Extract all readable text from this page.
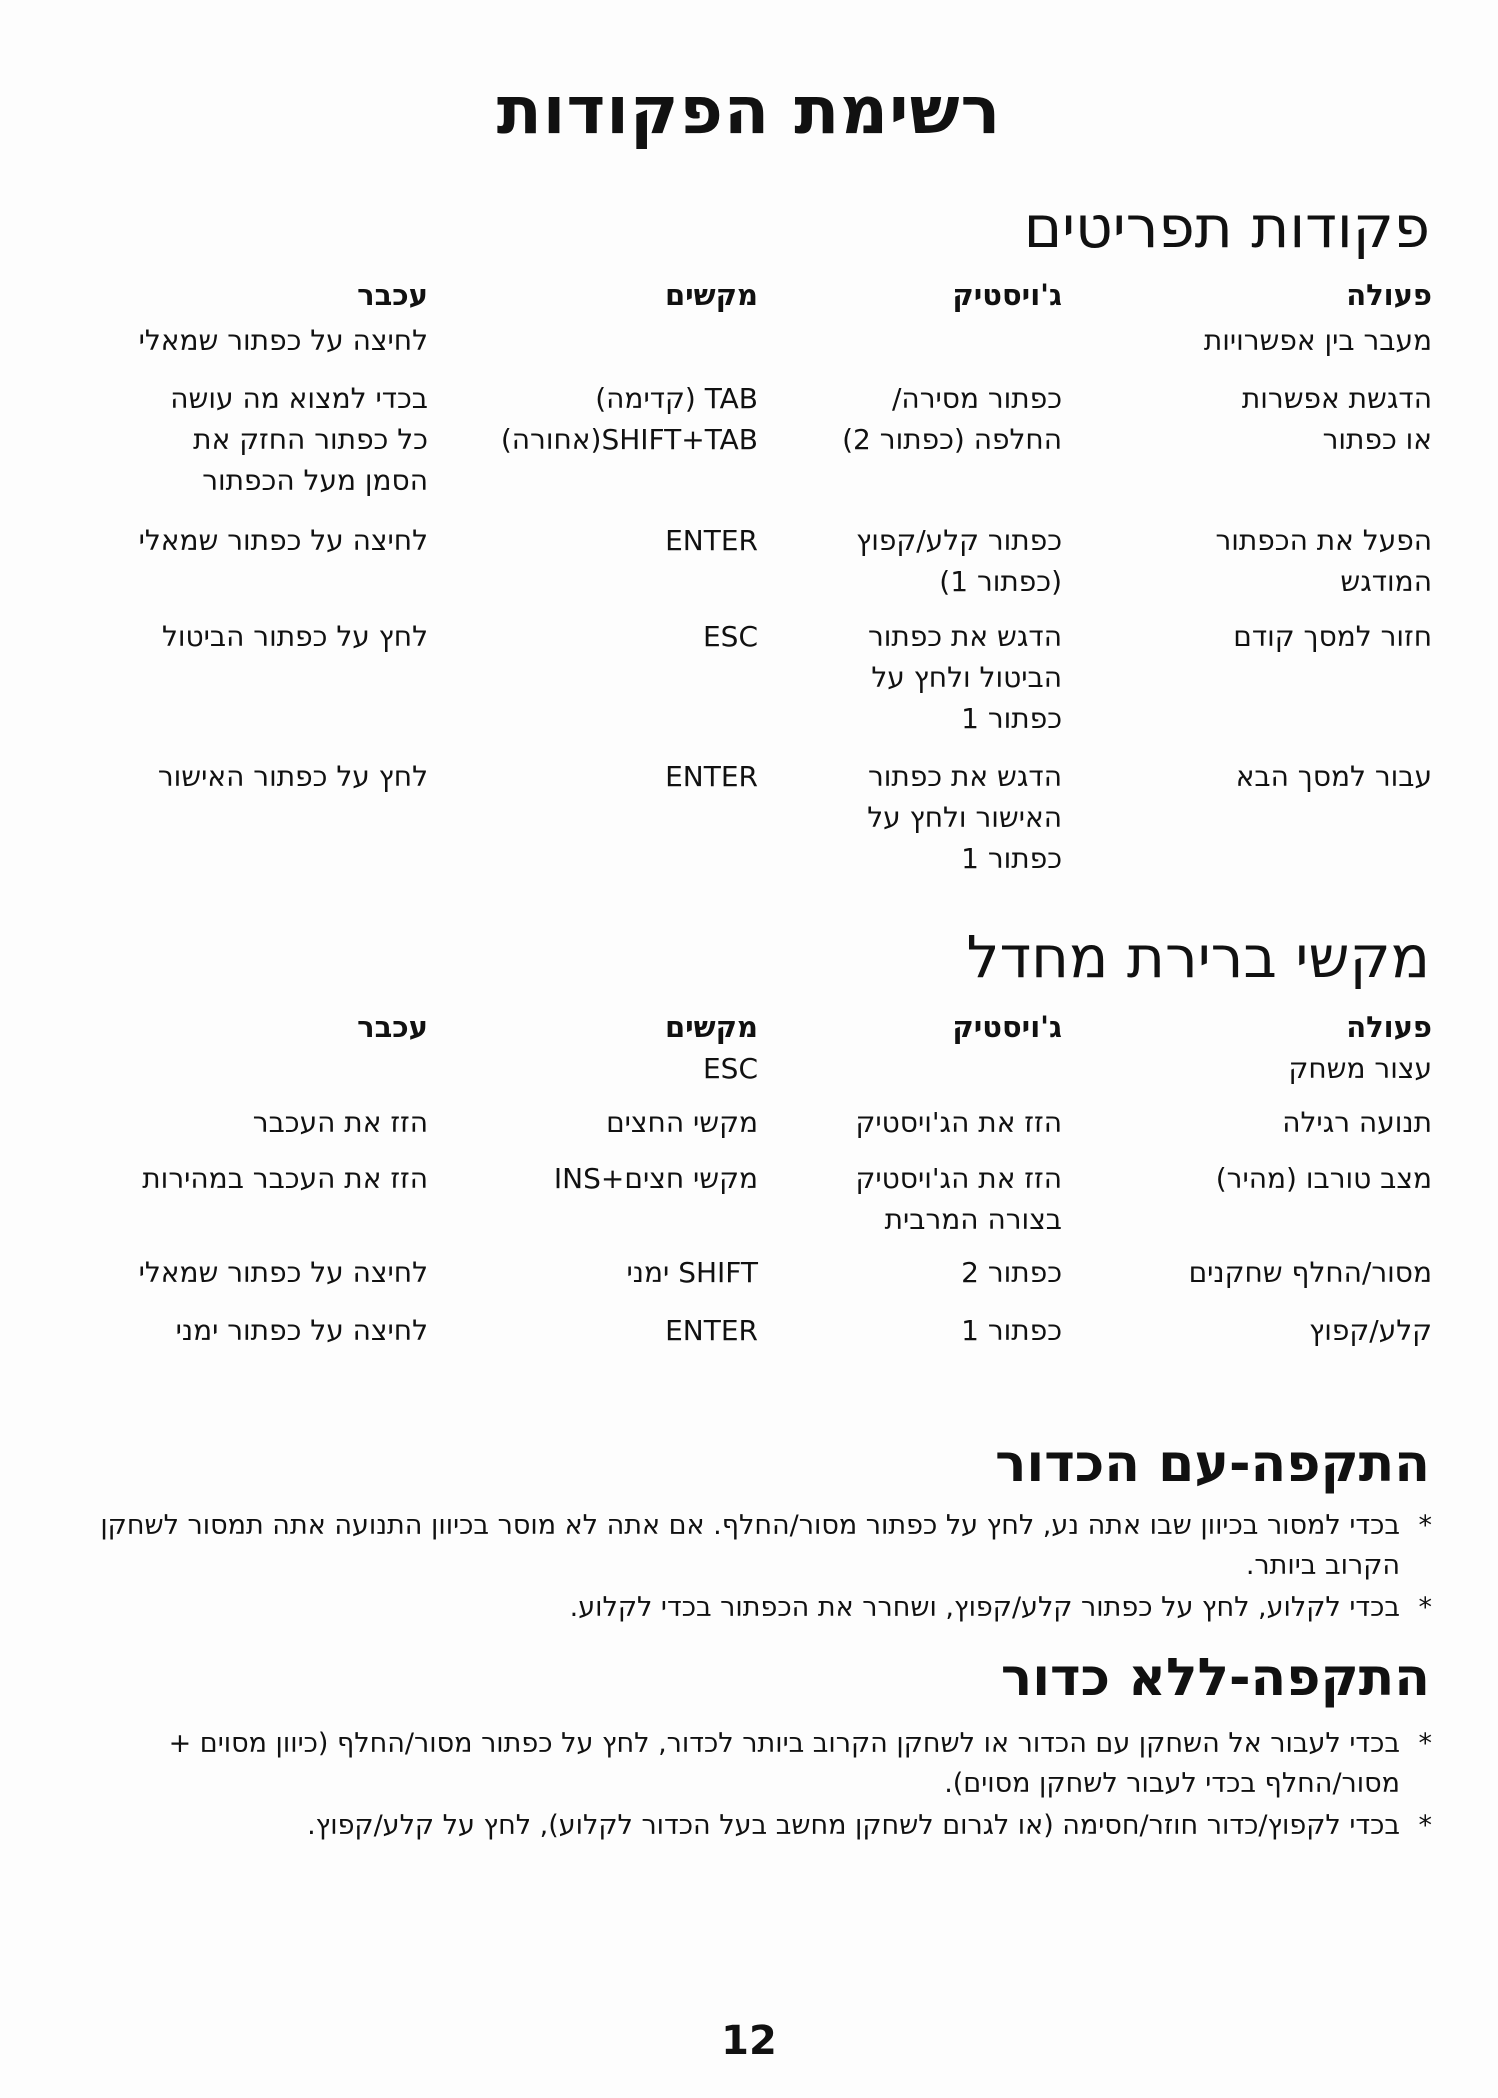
רשימת הפקודות
פקודות תפריטים
פעולה
ג'ויסטיק
מקשים
עכבר
מעבר בין אפשרויות
לחיצה על כפתור שמאלי
הדגשת אפשרות
או כפתור
כפתור מסירה/
החלפה (כפתור 2)
TAB (קדימה)
SHIFT+TAB(אחורה)
בכדי למצוא מה עושה
כל כפתור החזק את
הסמן מעל הכפתור
הפעל את הכפתור
המודגש
כפתור קלע/קפוץ
(כפתור 1)
ENTER
לחיצה על כפתור שמאלי
חזור למסך קודם
הדגש את כפתור
הביטול ולחץ על
כפתור 1
ESC
לחץ על כפתור הביטול
עבור למסך הבא
הדגש את כפתור
האישור ולחץ על
כפתור 1
ENTER
לחץ על כפתור האישור
מקשי ברירת מחדל
פעולה
ג'ויסטיק
מקשים
עכבר
עצור משחק
ESC
תנועה רגילה
הזז את הג'ויסטיק
מקשי החצים
הזז את העכבר
מצב טורבו (מהיר)
הזז את הג'ויסטיק
בצורה המרבית
מקשי חצים+INS
הזז את העכבר במהירות
מסור/החלף שחקנים
כפתור 2
SHIFT ימני
לחיצה על כפתור שמאלי
קלע/קפוץ
כפתור 1
ENTER
לחיצה על כפתור ימני
התקפה-עם הכדור
*
בכדי למסור בכיוון שבו אתה נע, לחץ על כפתור מסור/החלף. אם אתה לא מוסר בכיוון התנועה אתה תמסור לשחקן הקרוב ביותר.
*
בכדי לקלוע, לחץ על כפתור קלע/קפוץ, ושחרר את הכפתור בכדי לקלוע.
התקפה-ללא כדור
*
בכדי לעבור אל השחקן עם הכדור או לשחקן הקרוב ביותר לכדור, לחץ על כפתור מסור/החלף (כיוון מסוים + מסור/החלף בכדי לעבור לשחקן מסוים).
*
בכדי לקפוץ/כדור חוזר/חסימה (או לגרום לשחקן מחשב בעל הכדור לקלוע), לחץ על קלע/קפוץ.
12
